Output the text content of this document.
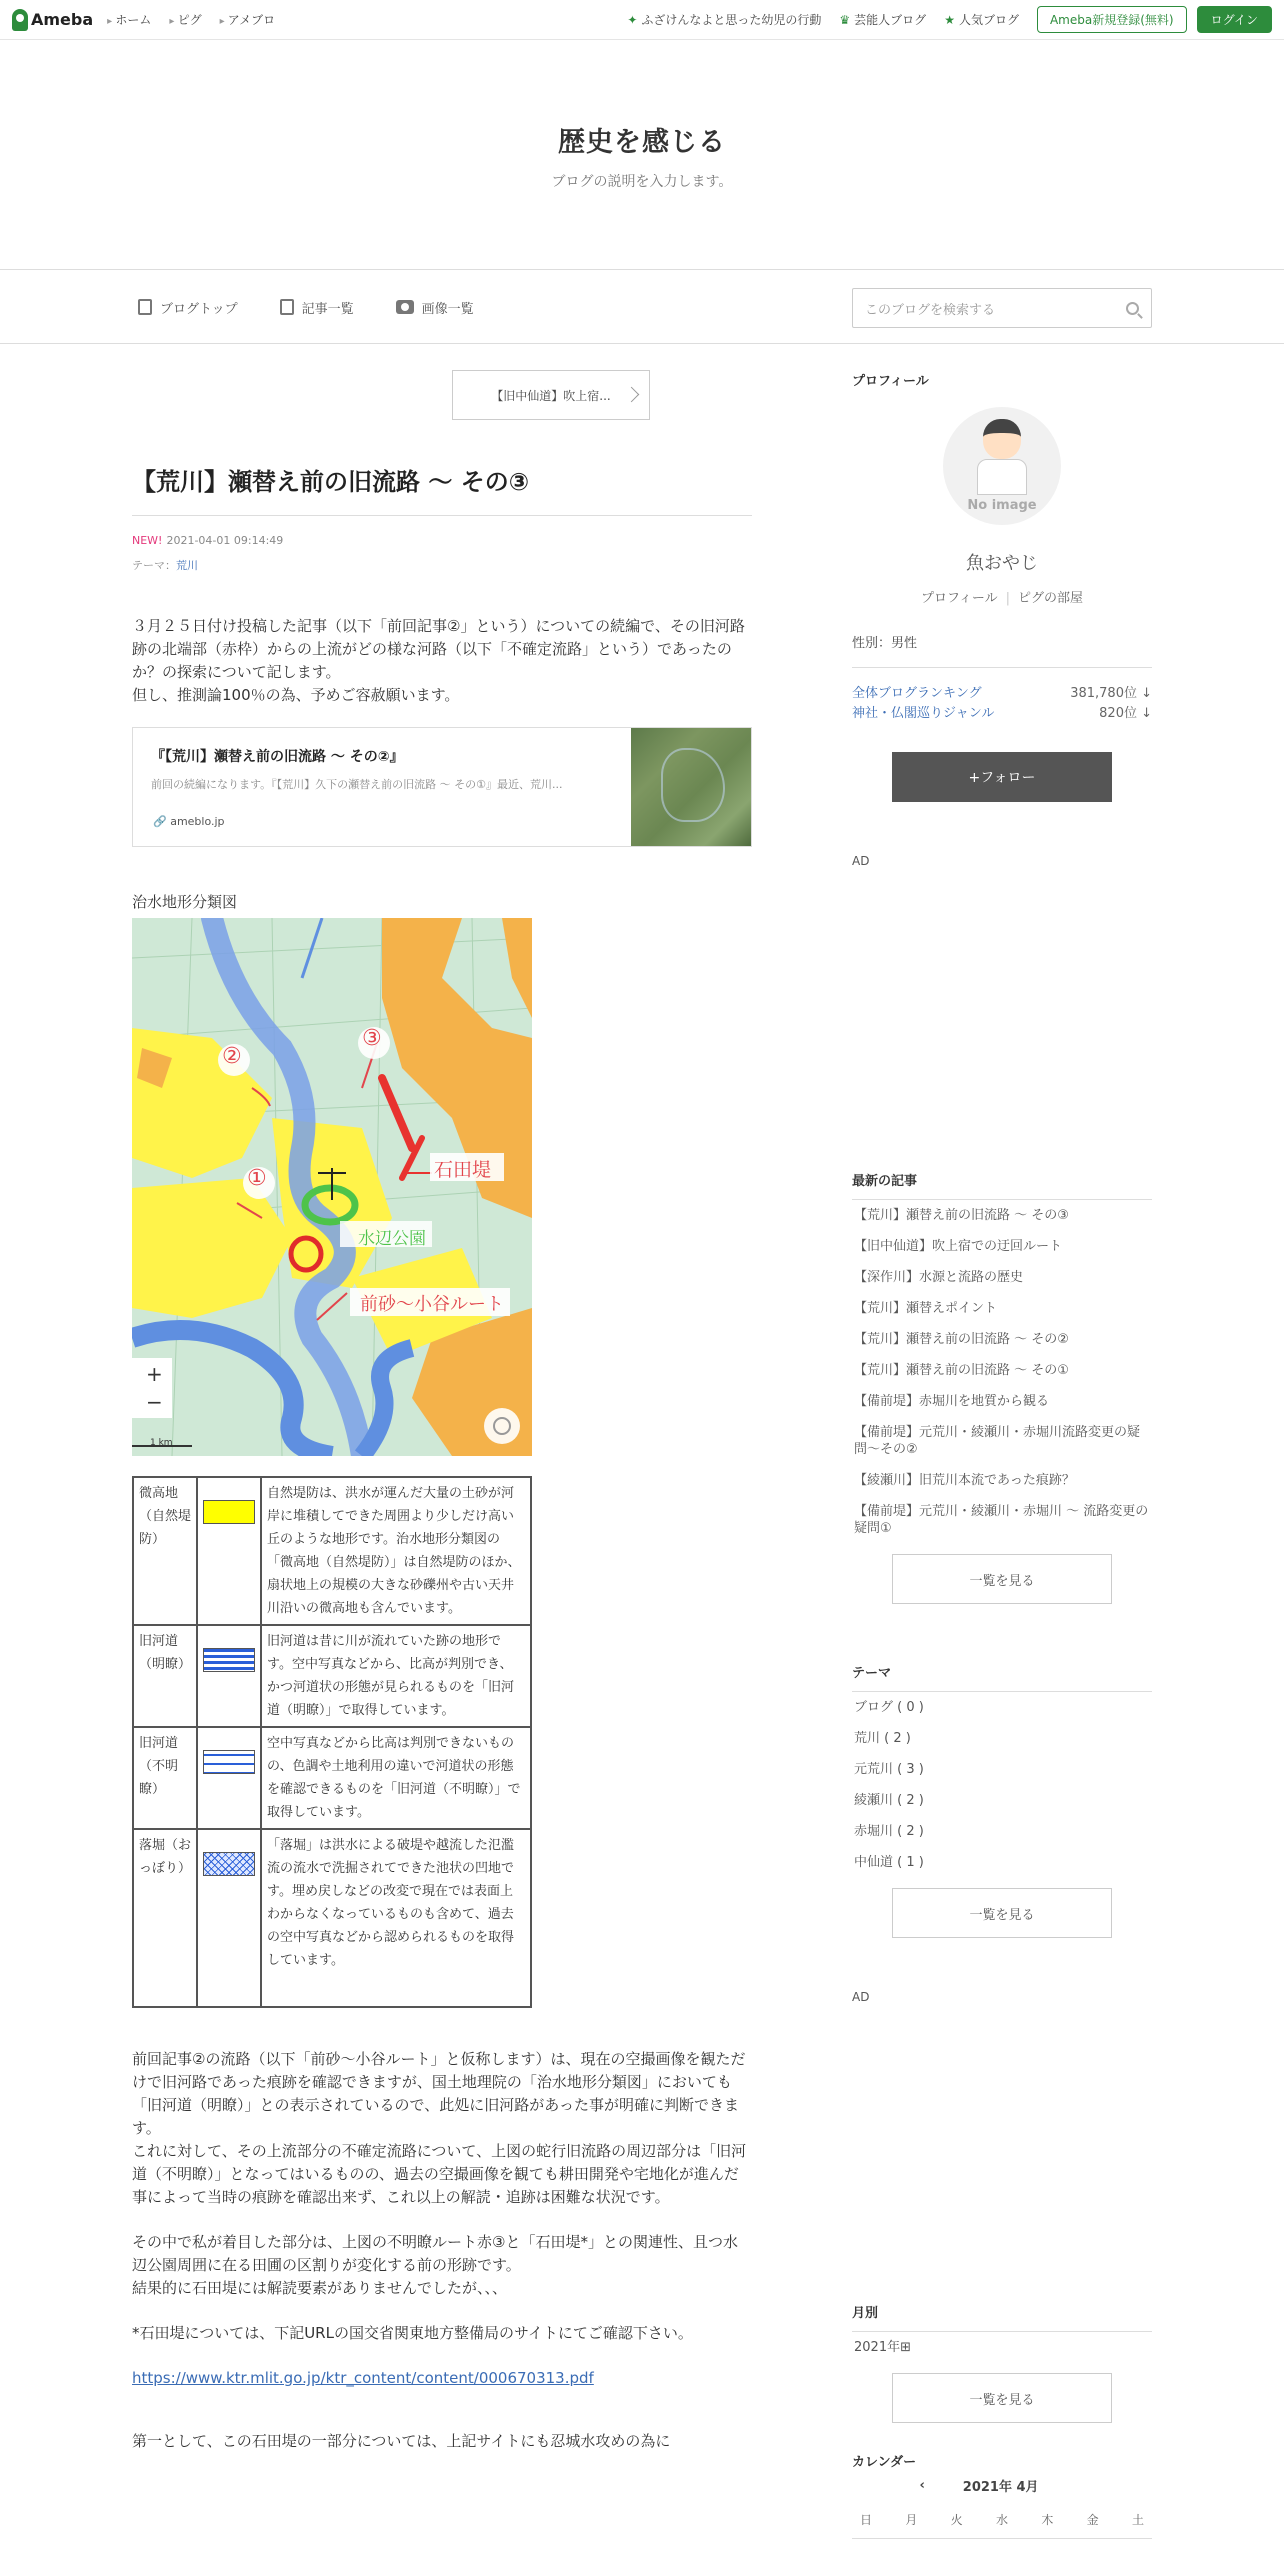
Ameba	▸ ホーム	▸ ピグ	▸ アメブロ	✦ ふざけんなよと思った幼児の行動 ♛ 芸能人ブログ ★ 人気ブログ	Ameba新規登録(無料)	ログイン
歴史を感じる
ブログの説明を入力します。
ブログトップ	記事一覧	画像一覧	このブログを検索する
【旧中仙道】吹上宿...
【荒川】瀬替え前の旧流路 〜 その③
NEW! 2021-04-01 09:14:49
テーマ：荒川
３月２５日付け投稿した記事（以下「前回記事②」という）についての続編で、その旧河路跡の北端部（赤枠）からの上流がどの様な河路（以下「不確定流路」という）であったのか？の探索について記します。
但し、推測論100％の為、予めご容赦願います。
『【荒川】瀬替え前の旧流路 〜 その②』
前回の続編になります。『【荒川】久下の瀬替え前の旧流路 〜 その①』最近、荒川...
🔗 ameblo.jp
治水地形分類図
②
③
①	石田堤
水辺公園
前砂〜小谷ルート
+
−
1 km
微高地（自然堤防）		自然堤防は、洪水が運んだ大量の土砂が河岸に堆積してできた周囲より少しだけ高い丘のような地形です。治水地形分類図の「微高地（自然堤防）」は自然堤防のほか、扇状地上の規模の大きな砂礫州や古い天井川沿いの微高地も含んでいます。
旧河道（明瞭）		旧河道は昔に川が流れていた跡の地形です。空中写真などから、比高が判別でき、かつ河道状の形態が見られるものを「旧河道（明瞭）」で取得しています。
旧河道（不明瞭）		空中写真などから比高は判別できないものの、色調や土地利用の違いで河道状の形態を確認できるものを「旧河道（不明瞭）」で取得しています。
落堀（おっぼり）		「落堀」は洪水による破堤や越流した氾濫流の流水で洗掘されてできた池状の凹地です。埋め戻しなどの改変で現在では表面上わからなくなっているものも含めて、過去の空中写真などから認められるものを取得しています。
前回記事②の流路（以下「前砂〜小谷ルート」と仮称します）は、現在の空撮画像を観ただけで旧河路であった痕跡を確認できますが、国土地理院の「治水地形分類図」においても「旧河道（明瞭）」との表示されているので、此処に旧河路があった事が明確に判断できます。
これに対して、その上流部分の不確定流路について、上図の蛇行旧流路の周辺部分は「旧河道（不明瞭）」となってはいるものの、過去の空撮画像を観ても耕田開発や宅地化が進んだ事によって当時の痕跡を確認出来ず、これ以上の解読・追跡は困難な状況です。
その中で私が着目した部分は、上図の不明瞭ルート赤③と「石田堤*」との関連性、且つ水辺公園周囲に在る田圃の区割りが変化する前の形跡です。
結果的に石田堤には解読要素がありませんでしたが、、、
*石田堤については、下記URLの国交省関東地方整備局のサイトにてご確認下さい。
https://www.ktr.mlit.go.jp/ktr_content/content/000670313.pdf
第一として、この石田堤の一部分については、上記サイトにも忍城水攻めの為に
プロフィール
No image
魚おやじ
プロフィール | ピグの部屋
性別：男性
全体ブログランキング	381,780位 ↓
神社・仏閣巡りジャンル	820位 ↓
+フォロー
AD
最新の記事
【荒川】瀬替え前の旧流路 〜 その③
【旧中仙道】吹上宿での迂回ルート
【深作川】水源と流路の歴史
【荒川】瀬替えポイント
【荒川】瀬替え前の旧流路 〜 その②
【荒川】瀬替え前の旧流路 〜 その①
【備前堤】赤堀川を地質から観る
【備前堤】元荒川・綾瀬川・赤堀川流路変更の疑問〜その②
【綾瀬川】旧荒川本流であった痕跡？
【備前堤】元荒川・綾瀬川・赤堀川 〜 流路変更の疑問①
一覧を見る
テーマ
ブログ ( 0 )
荒川 ( 2 )
元荒川 ( 3 )
綾瀬川 ( 2 )
赤堀川 ( 2 )
中仙道 ( 1 )
一覧を見る
AD
月別
2021年⊞
一覧を見る
カレンダー
‹	2021年 4月
日	月	火	水	木	金	土
